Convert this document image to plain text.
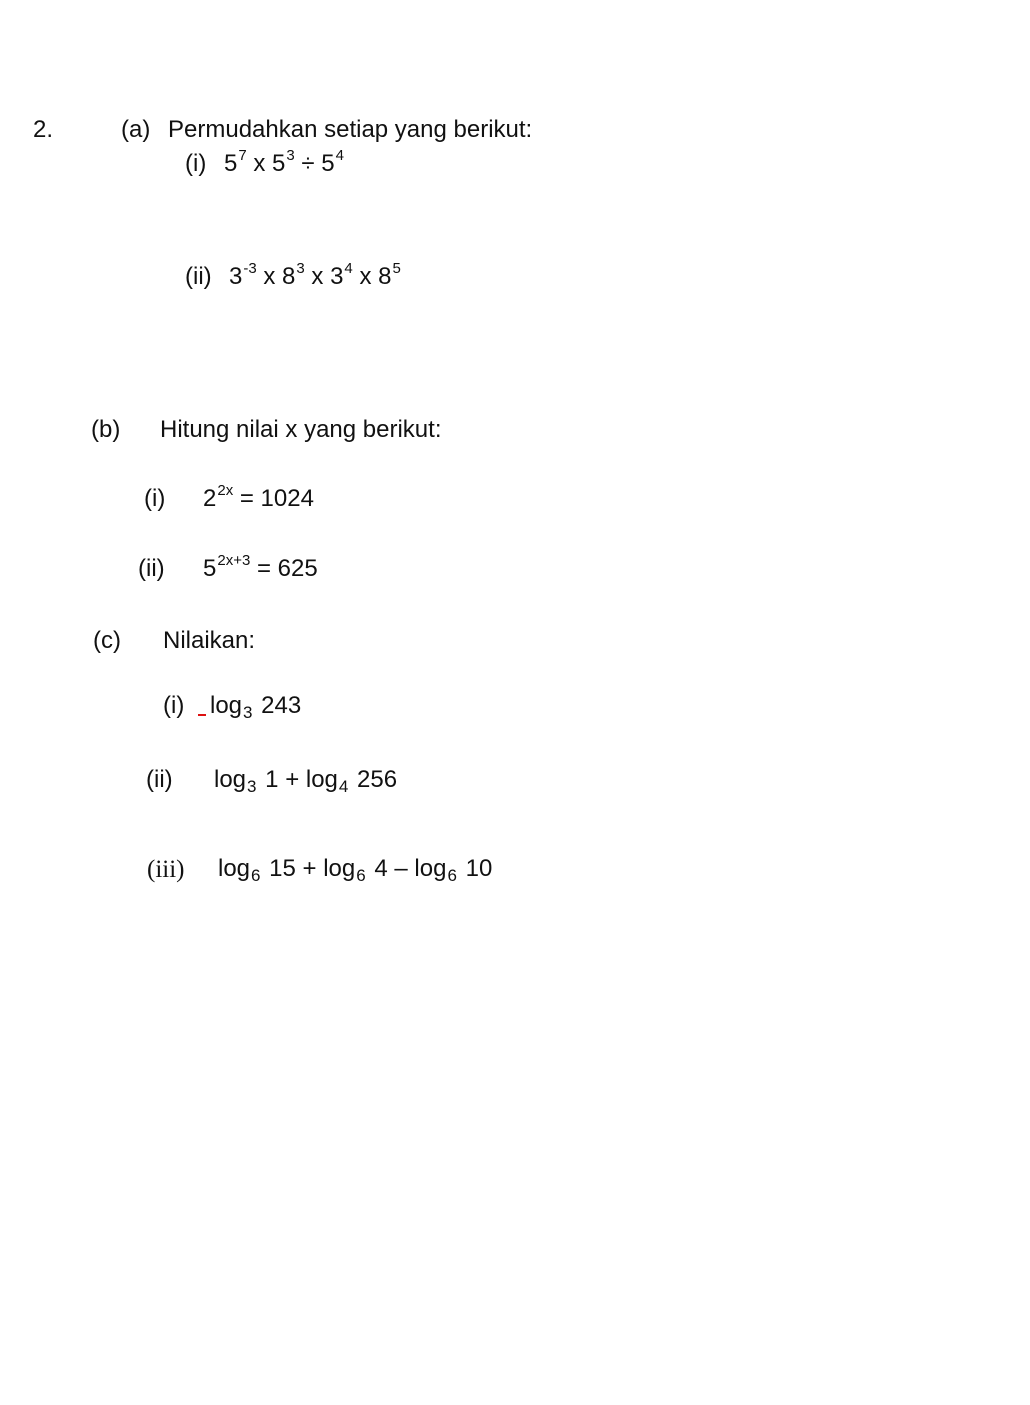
2.	(a) Permudahkan setiap yang berikut:
(i) $5^7$ x $5^3 \div 5^4$
(ii) $3^{-3}$ x $8^3$ x $3^4$ x $8^5$
(b) Hitung nilai x yang berikut:
(i) $2^{2x} = 1024$
(ii) $5^{2x+3} = 625$
(c) Nilaikan:
(i) $\log_3 243$
(ii) $\log_3 1 + \log_4 256$
(iii) $\log_6 15 + \log_6 4 - \log_6 10$
